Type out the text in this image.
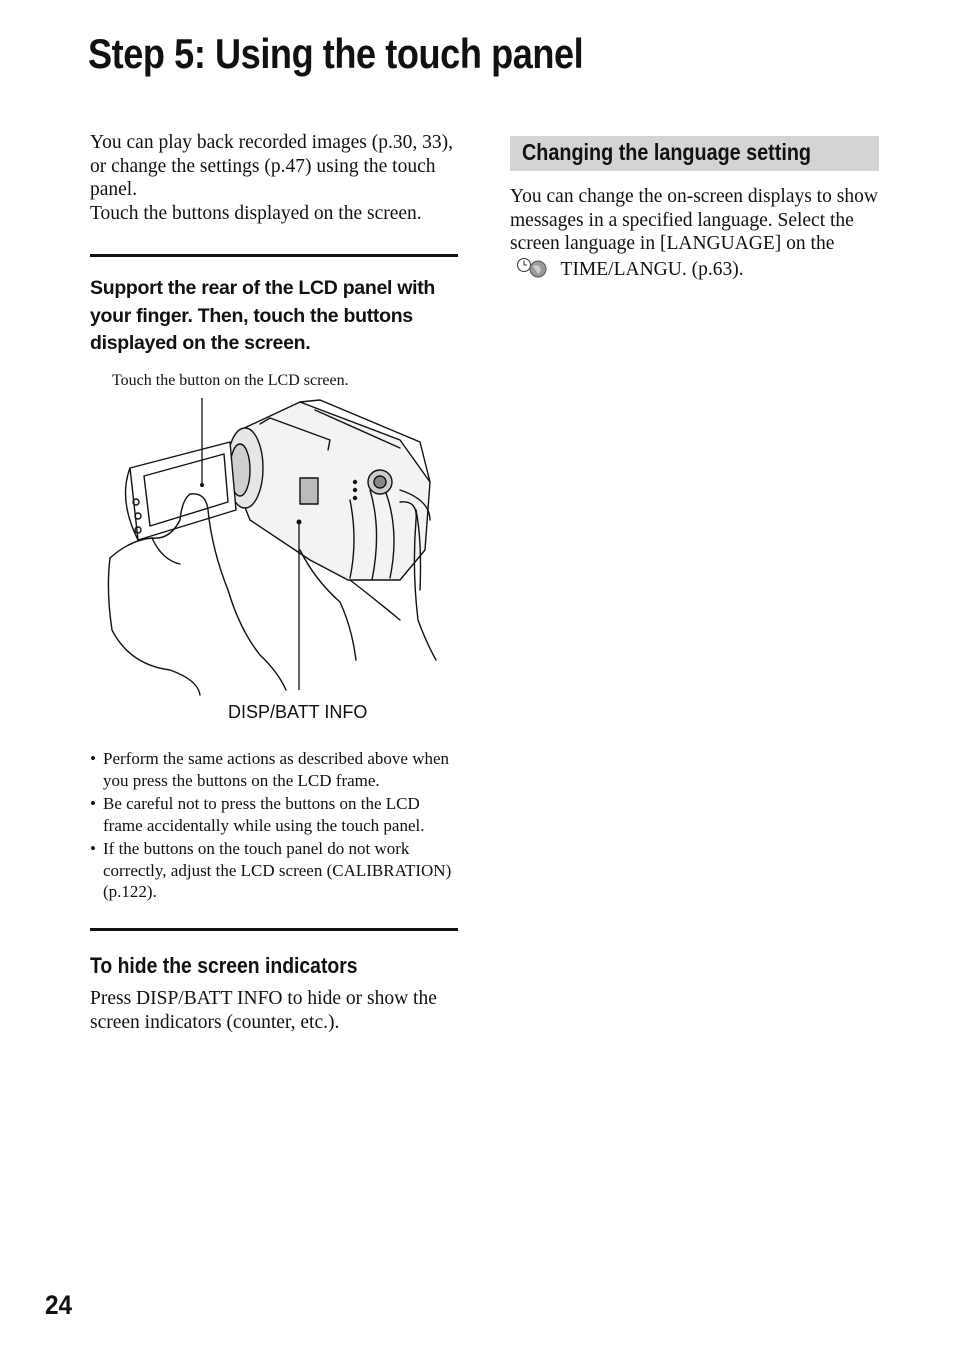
Step 5: Using the touch panel

You can play back recorded images (p.30, 33), or change the settings (p.47) using the touch panel.

Touch the buttons displayed on the screen.

Support the rear of the LCD panel with your finger. Then, touch the buttons displayed on the screen.

Touch the button on the LCD screen.
DISP/BATT INFO
• Perform the same actions as described above when you press the buttons on the LCD frame.
• Be careful not to press the buttons on the LCD frame accidentally while using the touch panel.
• If the buttons on the touch panel do not work correctly, adjust the LCD screen (CALIBRATION) (p.122).
To hide the screen indicators

Press DISP/BATT INFO to hide or show the screen indicators (counter, etc.).

Changing the language setting

You can change the on-screen displays to show messages in a specified language. Select the screen language in [LANGUAGE] on the  TIME/LANGU. (p.63).

24
